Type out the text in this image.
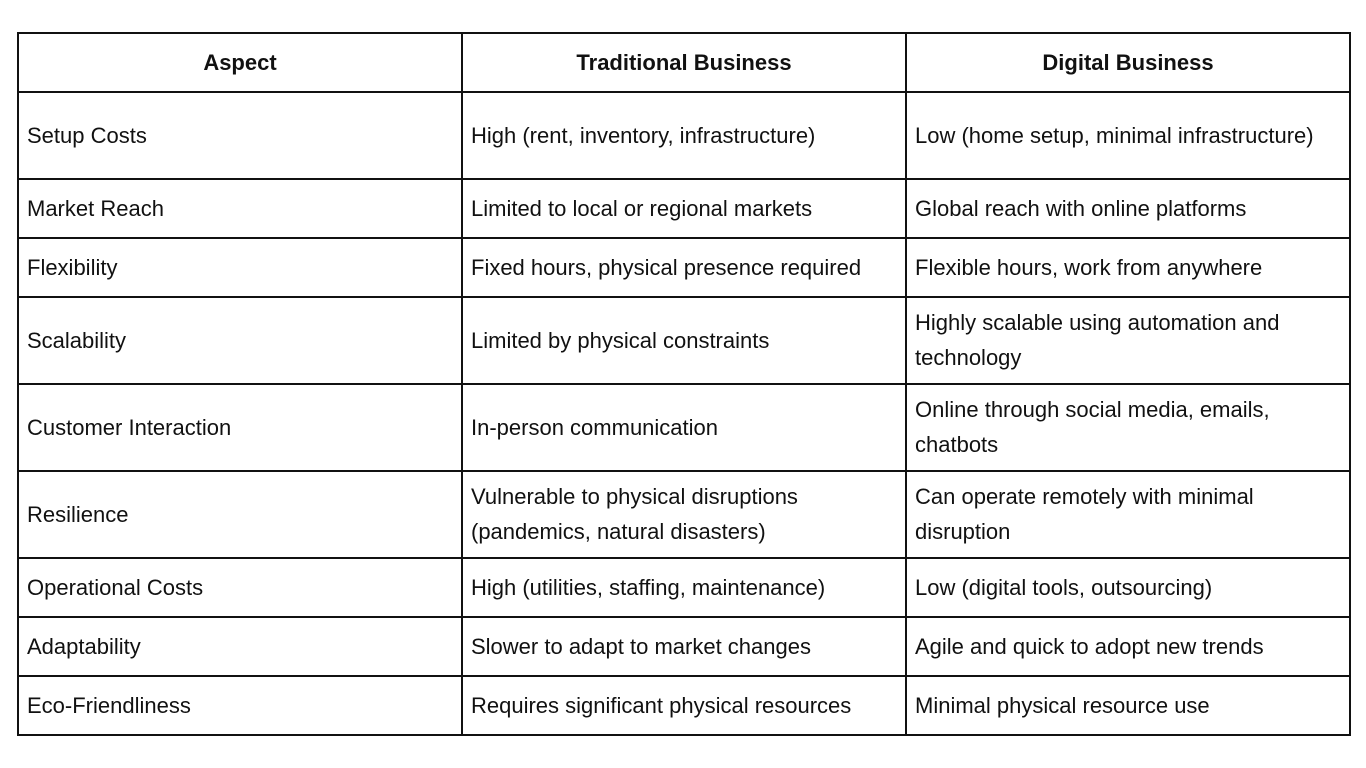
Aspect	Traditional Business	Digital Business
Setup Costs	High (rent, inventory, infrastructure)	Low (home setup, minimal infrastructure)
Market Reach	Limited to local or regional markets	Global reach with online platforms
Flexibility	Fixed hours, physical presence required	Flexible hours, work from anywhere
Scalability	Limited by physical constraints	Highly scalable using automation and technology
Customer Interaction	In-person communication	Online through social media, emails, chatbots
Resilience	Vulnerable to physical disruptions (pandemics, natural disasters)	Can operate remotely with minimal disruption
Operational Costs	High (utilities, staffing, maintenance)	Low (digital tools, outsourcing)
Adaptability	Slower to adapt to market changes	Agile and quick to adopt new trends
Eco-Friendliness	Requires significant physical resources	Minimal physical resource use
